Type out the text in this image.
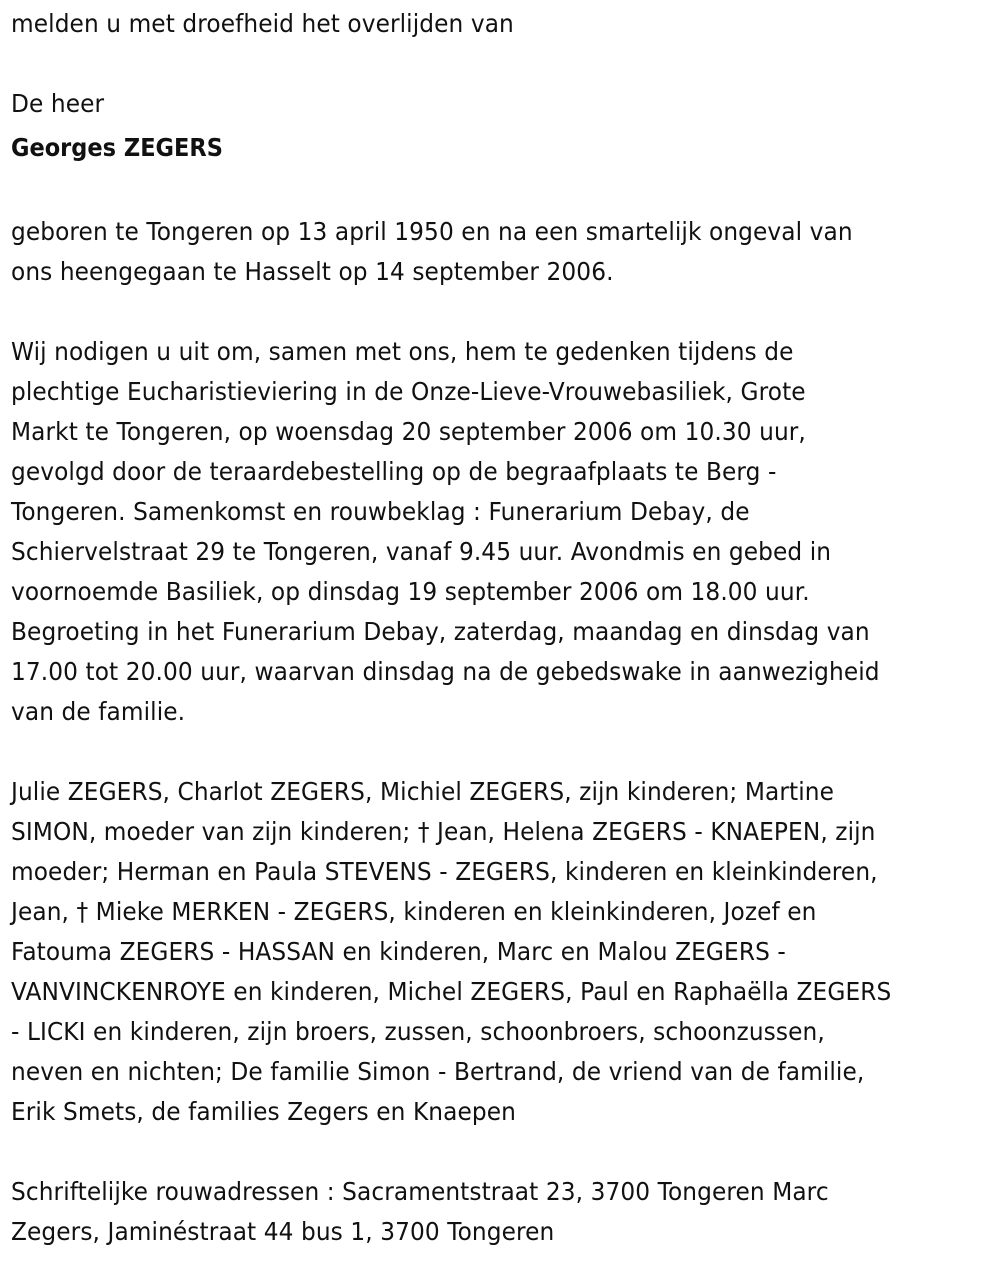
melden u met droefheid het overlijden van
De heer
Georges ZEGERS
geboren te Tongeren op 13 april 1950 en na een smartelijk ongeval van
ons heengegaan te Hasselt op 14 september 2006.
Wij nodigen u uit om, samen met ons, hem te gedenken tijdens de
plechtige Eucharistieviering in de Onze-Lieve-Vrouwebasiliek, Grote
Markt te Tongeren, op woensdag 20 september 2006 om 10.30 uur,
gevolgd door de teraardebestelling op de begraafplaats te Berg -
Tongeren. Samenkomst en rouwbeklag : Funerarium Debay, de
Schiervelstraat 29 te Tongeren, vanaf 9.45 uur. Avondmis en gebed in
voornoemde Basiliek, op dinsdag 19 september 2006 om 18.00 uur.
Begroeting in het Funerarium Debay, zaterdag, maandag en dinsdag van
17.00 tot 20.00 uur, waarvan dinsdag na de gebedswake in aanwezigheid
van de familie.
Julie ZEGERS, Charlot ZEGERS, Michiel ZEGERS, zijn kinderen; Martine
SIMON, moeder van zijn kinderen; † Jean, Helena ZEGERS - KNAEPEN, zijn
moeder; Herman en Paula STEVENS - ZEGERS, kinderen en kleinkinderen,
Jean, † Mieke MERKEN - ZEGERS, kinderen en kleinkinderen, Jozef en
Fatouma ZEGERS - HASSAN en kinderen, Marc en Malou ZEGERS -
VANVINCKENROYE en kinderen, Michel ZEGERS, Paul en Raphaëlla ZEGERS
- LICKI en kinderen, zijn broers, zussen, schoonbroers, schoonzussen,
neven en nichten; De familie Simon - Bertrand, de vriend van de familie,
Erik Smets, de families Zegers en Knaepen
Schriftelijke rouwadressen : Sacramentstraat 23, 3700 Tongeren Marc
Zegers, Jaminéstraat 44 bus 1, 3700 Tongeren
